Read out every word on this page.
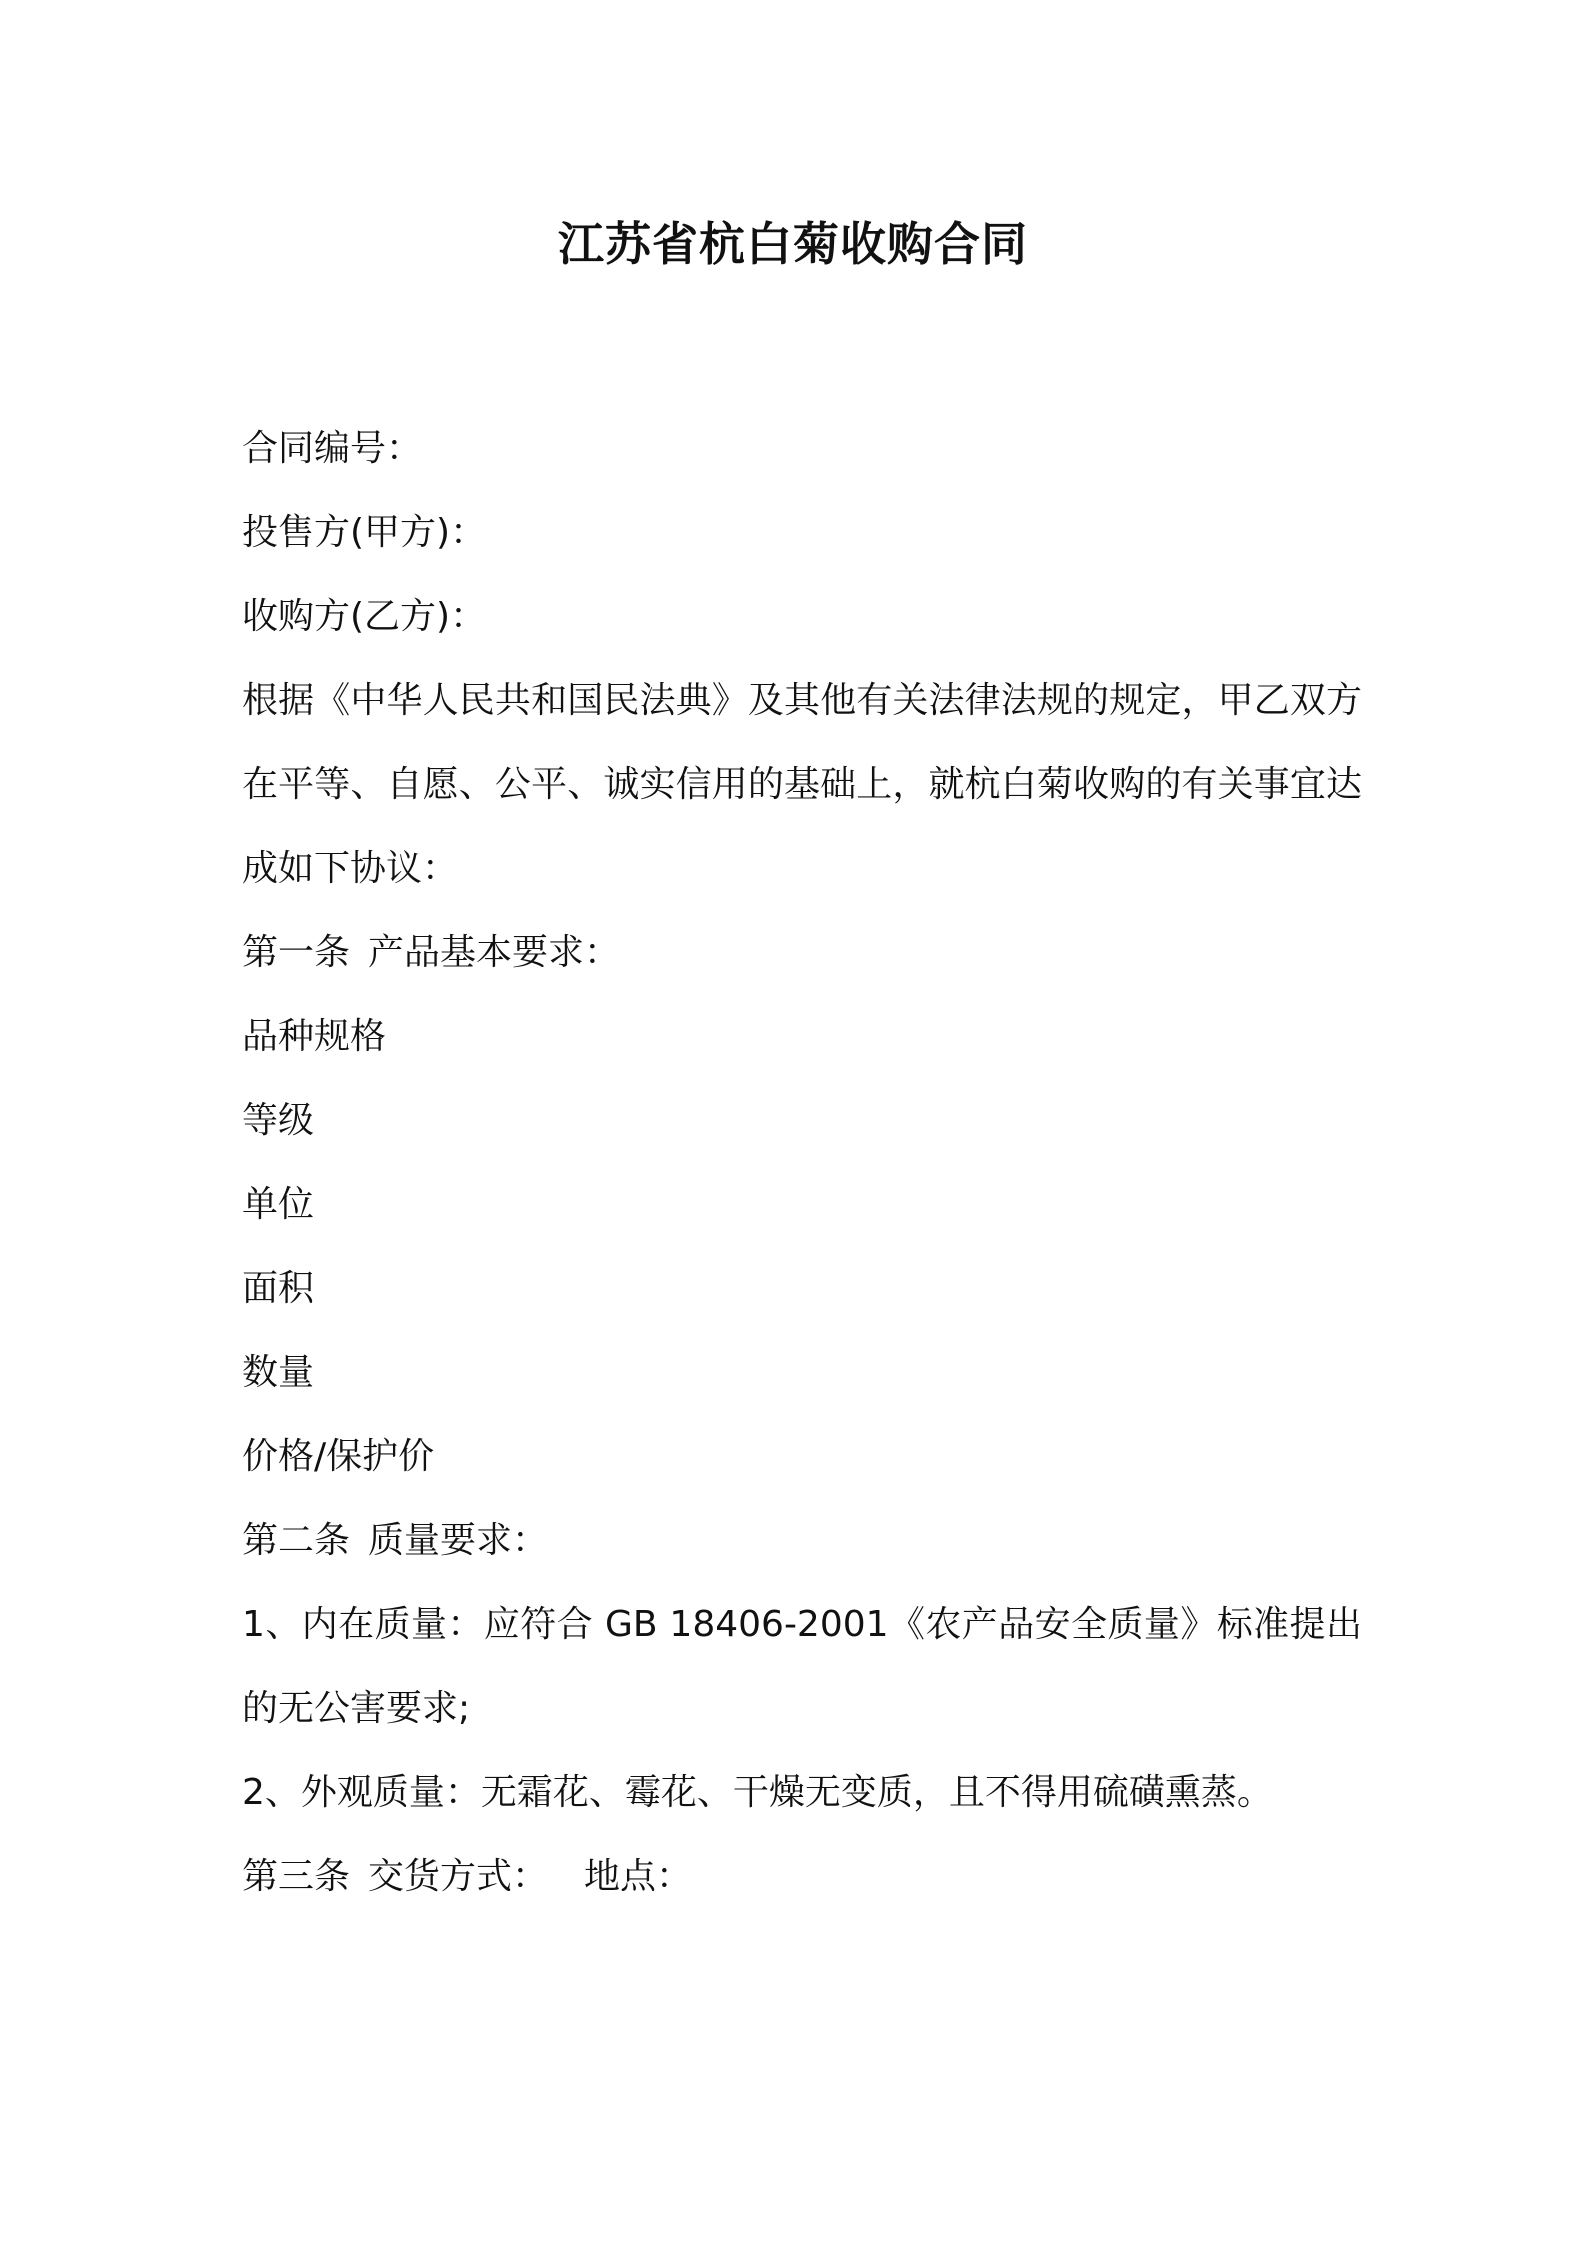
江苏省杭白菊收购合同

合同编号：

投售方(甲方)：

收购方(乙方)：

根据《中华人民共和国民法典》及其他有关法律法规的规定，甲乙双方在平等、自愿、公平、诚实信用的基础上，就杭白菊收购的有关事宜达成如下协议：

第一条 产品基本要求：

品种规格

等级

单位

面积

数量

价格/保护价

第二条 质量要求：

1、内在质量：应符合 GB 18406-2001《农产品安全质量》标准提出的无公害要求;

2、外观质量：无霜花、霉花、干燥无变质，且不得用硫磺熏蒸。

第三条 交货方式： 地点：
